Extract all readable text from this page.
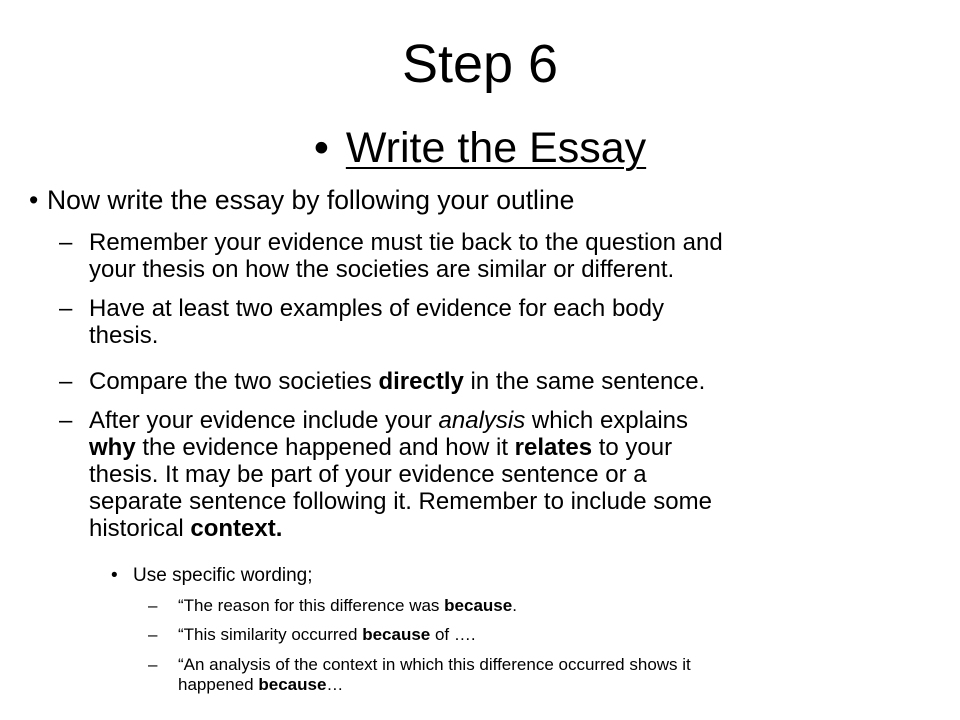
Step 6
• Write the Essay
• Now write the essay by following your outline
– Remember your evidence must tie back to the question and
your thesis on how the societies are similar or different.
– Have at least two examples of evidence for each body
thesis.
– Compare the two societies directly in the same sentence.
– After your evidence include your analysis which explains
why the evidence happened and how it relates to your
thesis. It may be part of your evidence sentence or a
separate sentence following it. Remember to include some
historical context.
• Use specific wording;
– “The reason for this difference was because.
– “This similarity occurred because of ….
– “An analysis of the context in which this difference occurred shows it
happened because…
